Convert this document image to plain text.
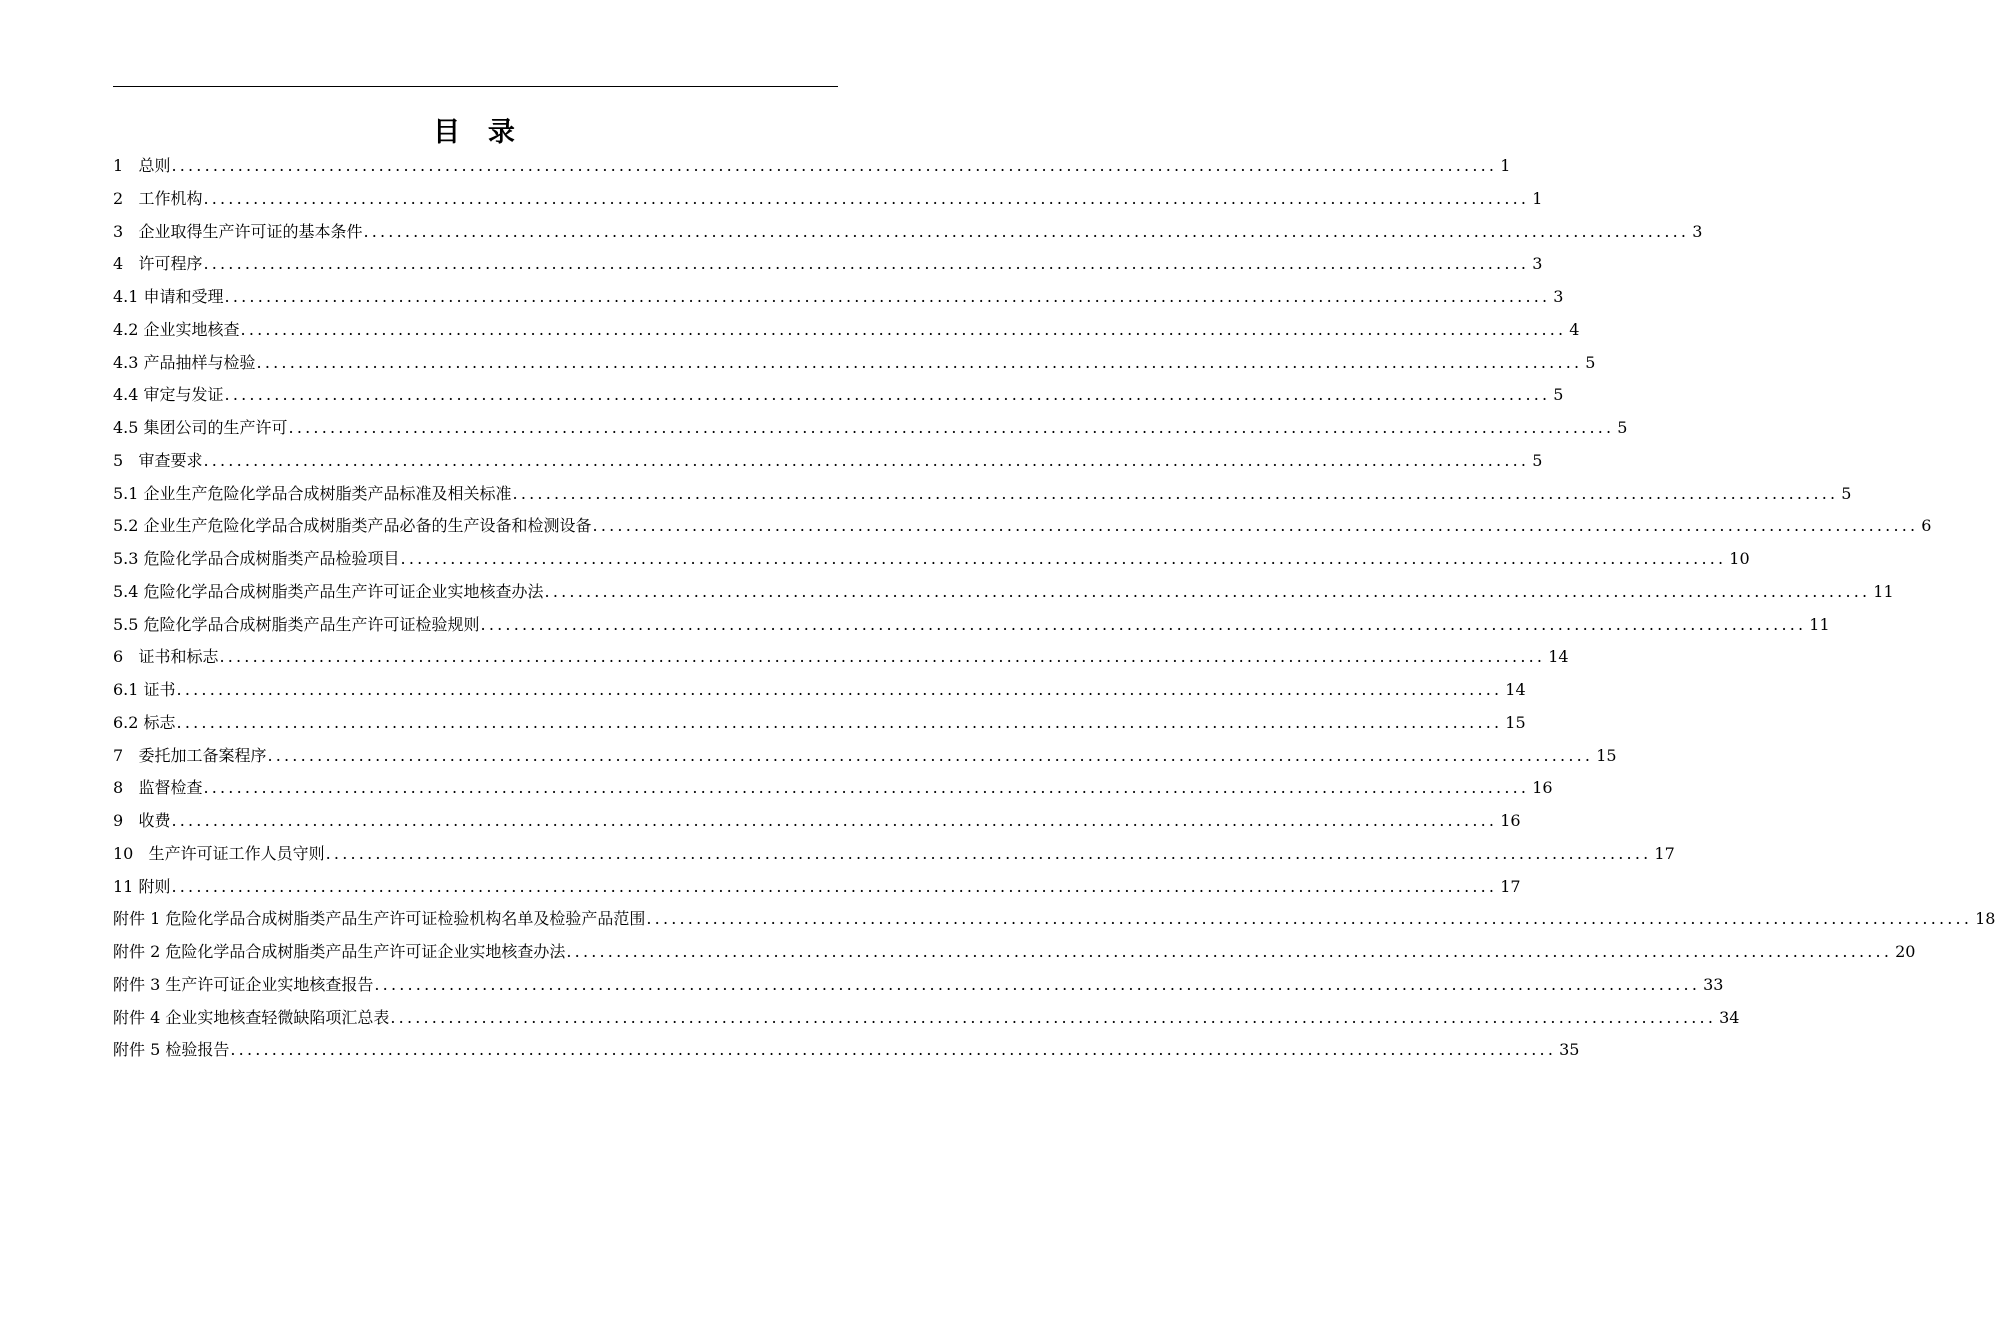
目  录
1 总则 ................................................................................................................................................................ 1
2 工作机构 ................................................................................................................................................................ 1
3 企业取得生产许可证的基本条件 ................................................................................................................................................................ 3
4 许可程序 ................................................................................................................................................................ 3
4.1 申请和受理 ................................................................................................................................................................ 3
4.2 企业实地核查 ................................................................................................................................................................ 4
4.3 产品抽样与检验 ................................................................................................................................................................ 5
4.4 审定与发证 ................................................................................................................................................................ 5
4.5 集团公司的生产许可 ................................................................................................................................................................ 5
5 审查要求 ................................................................................................................................................................ 5
5.1 企业生产危险化学品合成树脂类产品标准及相关标准 ................................................................................................................................................................ 5
5.2 企业生产危险化学品合成树脂类产品必备的生产设备和检测设备 ................................................................................................................................................................ 6
5.3 危险化学品合成树脂类产品检验项目 ................................................................................................................................................................ 10
5.4 危险化学品合成树脂类产品生产许可证企业实地核查办法 ................................................................................................................................................................ 11
5.5 危险化学品合成树脂类产品生产许可证检验规则 ................................................................................................................................................................ 11
6 证书和标志 ................................................................................................................................................................ 14
6.1 证书 ................................................................................................................................................................ 14
6.2 标志 ................................................................................................................................................................ 15
7 委托加工备案程序 ................................................................................................................................................................ 15
8 监督检查 ................................................................................................................................................................ 16
9 收费 ................................................................................................................................................................ 16
10 生产许可证工作人员守则 ................................................................................................................................................................ 17
11 附则 ................................................................................................................................................................ 17
附件 1 危险化学品合成树脂类产品生产许可证检验机构名单及检验产品范围 ................................................................................................................................................................ 18
附件 2 危险化学品合成树脂类产品生产许可证企业实地核查办法 ................................................................................................................................................................ 20
附件 3 生产许可证企业实地核查报告 ................................................................................................................................................................ 33
附件 4 企业实地核查轻微缺陷项汇总表 ................................................................................................................................................................ 34
附件 5 检验报告 ................................................................................................................................................................ 35
